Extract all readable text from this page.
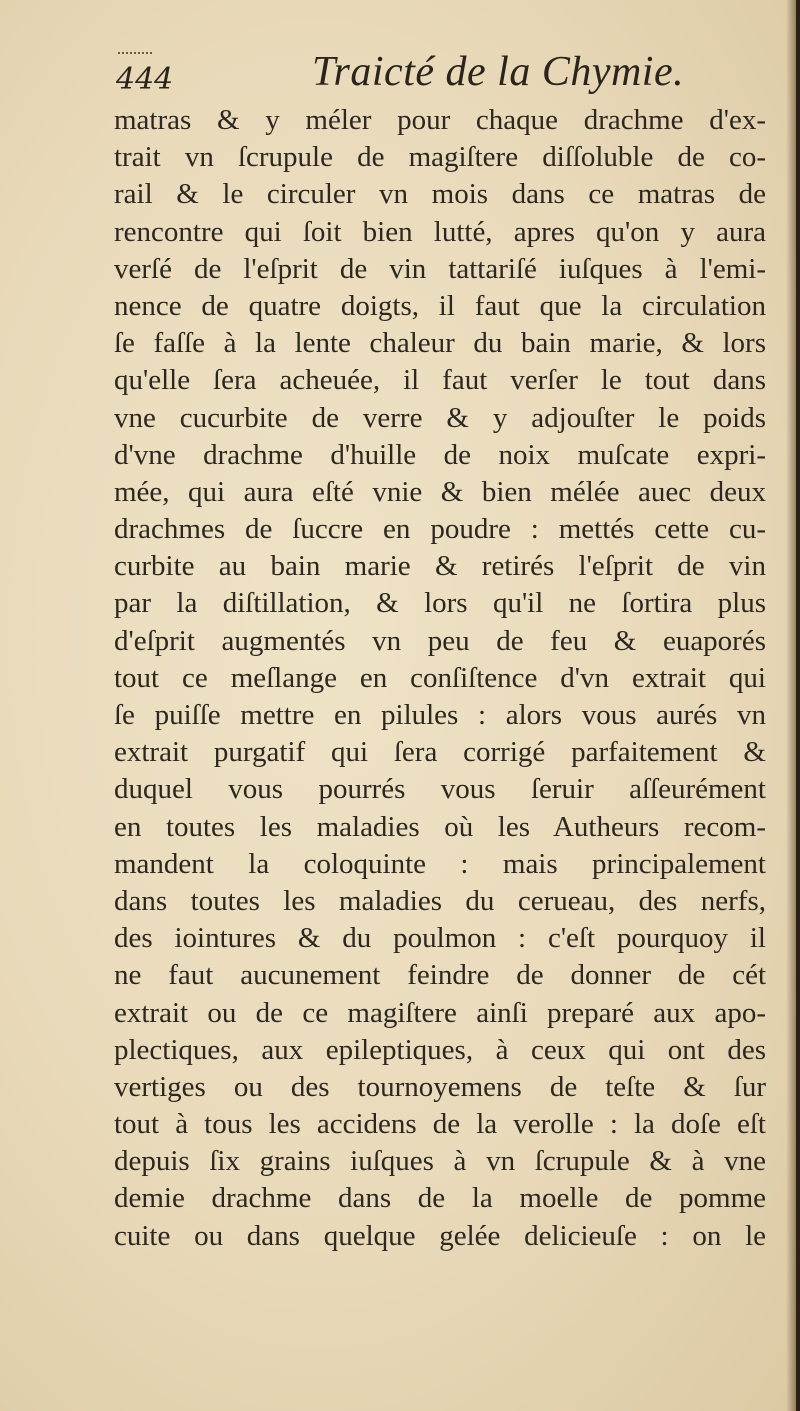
444	Traicté de la Chymie.
matras & y méler pour chaque drachme d'ex-
trait vn ſcrupule de magiſtere diſſoluble de co-
rail & le circuler vn mois dans ce matras de
rencontre qui ſoit bien lutté, apres qu'on y aura
verſé de l'eſprit de vin tattariſé iuſques à l'emi-
nence de quatre doigts, il faut que la circulation
ſe faſſe à la lente chaleur du bain marie, & lors
qu'elle ſera acheuée, il faut verſer le tout dans
vne cucurbite de verre & y adjouſter le poids
d'vne drachme d'huille de noix muſcate expri-
mée, qui aura eſté vnie & bien mélée auec deux
drachmes de ſuccre en poudre : mettés cette cu-
curbite au bain marie & retirés l'eſprit de vin
par la diſtillation, & lors qu'il ne ſortira plus
d'eſprit augmentés vn peu de feu & euaporés
tout ce meſlange en conſiſtence d'vn extrait qui
ſe puiſſe mettre en pilules : alors vous aurés vn
extrait purgatif qui ſera corrigé parfaitement &
duquel vous pourrés vous ſeruir aſſeurément
en toutes les maladies où les Autheurs recom-
mandent la coloquinte : mais principalement
dans toutes les maladies du cerueau, des nerfs,
des iointures & du poulmon : c'eſt pourquoy il
ne faut aucunement feindre de donner de cét
extrait ou de ce magiſtere ainſi preparé aux apo-
plectiques, aux epileptiques, à ceux qui ont des
vertiges ou des tournoyemens de teſte & ſur
tout à tous les accidens de la verolle : la doſe eſt
depuis ſix grains iuſques à vn ſcrupule & à vne
demie drachme dans de la moelle de pomme
cuite ou dans quelque gelée delicieuſe : on le
